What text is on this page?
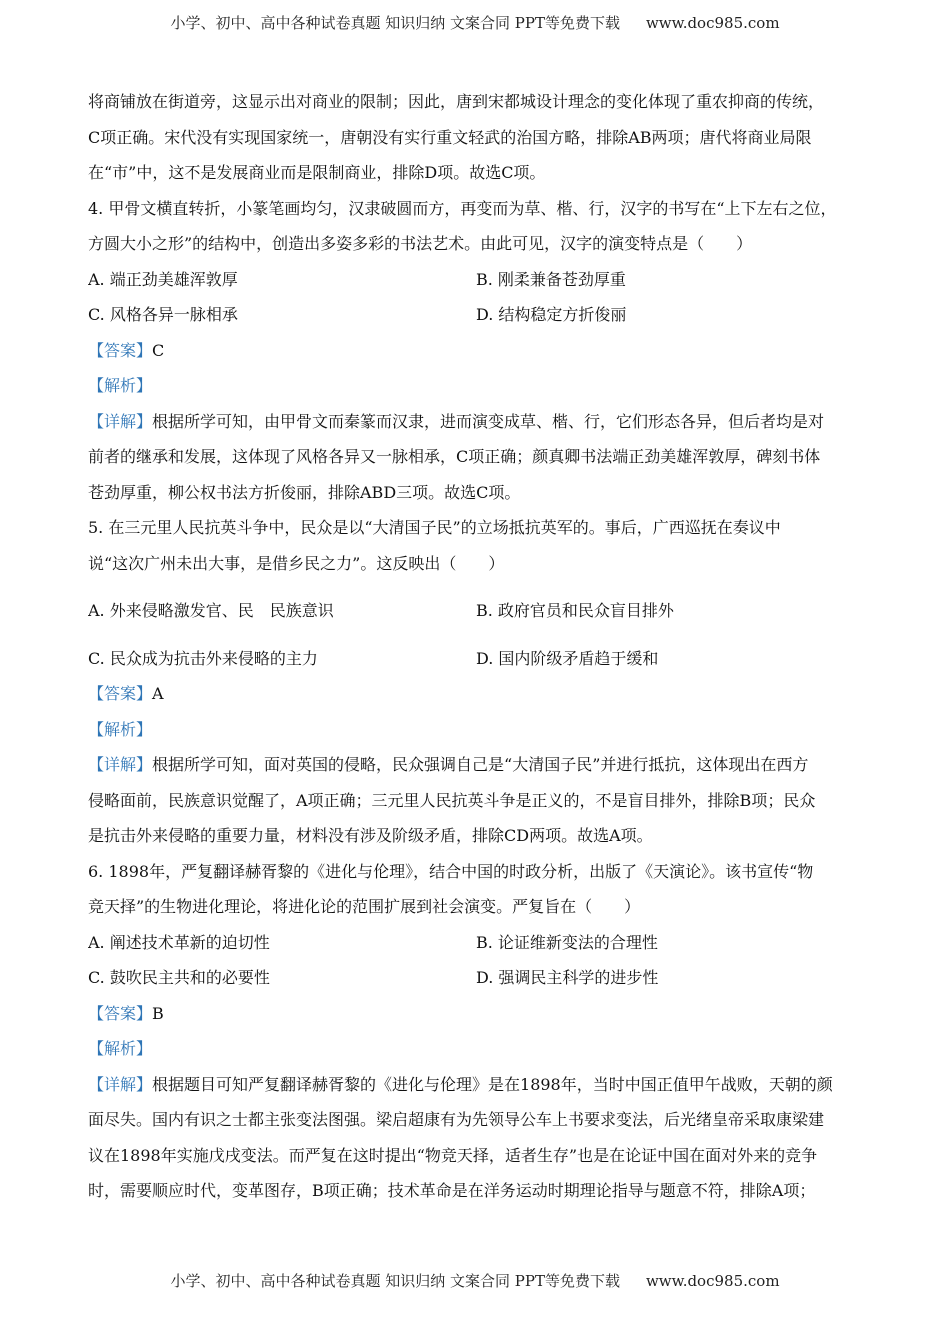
小学、初中、高中各种试卷真题 知识归纳 文案合同 PPT等免费下载 www.doc985.com
将商铺放在街道旁，这显示出对商业的限制；因此，唐到宋都城设计理念的变化体现了重农抑商的传统，
C项正确。宋代没有实现国家统一，唐朝没有实行重文轻武的治国方略，排除AB两项；唐代将商业局限
在“市”中，这不是发展商业而是限制商业，排除D项。故选C项。
4. 甲骨文横直转折，小篆笔画均匀，汉隶破圆而方，再变而为草、楷、行，汉字的书写在“上下左右之位，
方圆大小之形”的结构中，创造出多姿多彩的书法艺术。由此可见，汉字的演变特点是（　　）
A. 端正劲美雄浑敦厚	B. 刚柔兼备苍劲厚重
C. 风格各异一脉相承	D. 结构稳定方折俊丽
【答案】C
【解析】
【详解】根据所学可知，由甲骨文而秦篆而汉隶，进而演变成草、楷、行，它们形态各异，但后者均是对
前者的继承和发展，这体现了风格各异又一脉相承，C项正确；颜真卿书法端正劲美雄浑敦厚，碑刻书体
苍劲厚重，柳公权书法方折俊丽，排除ABD三项。故选C项。
5. 在三元里人民抗英斗争中，民众是以“大清国子民”的立场抵抗英军的。事后，广西巡抚在奏议中
说“这次广州未出大事，是借乡民之力”。这反映出（　　）
A. 外来侵略激发官、民　民族意识	B. 政府官员和民众盲目排外
C. 民众成为抗击外来侵略的主力	D. 国内阶级矛盾趋于缓和
【答案】A
【解析】
【详解】根据所学可知，面对英国的侵略，民众强调自己是“大清国子民”并进行抵抗，这体现出在西方
侵略面前，民族意识觉醒了，A项正确；三元里人民抗英斗争是正义的，不是盲目排外，排除B项；民众
是抗击外来侵略的重要力量，材料没有涉及阶级矛盾，排除CD两项。故选A项。
6. 1898年，严复翻译赫胥黎的《进化与伦理》，结合中国的时政分析，出版了《天演论》。该书宣传“物
竞天择”的生物进化理论，将进化论的范围扩展到社会演变。严复旨在（　　）
A. 阐述技术革新的迫切性	B. 论证维新变法的合理性
C. 鼓吹民主共和的必要性	D. 强调民主科学的进步性
【答案】B
【解析】
【详解】根据题目可知严复翻译赫胥黎的《进化与伦理》是在1898年，当时中国正值甲午战败，天朝的颜
面尽失。国内有识之士都主张变法图强。梁启超康有为先领导公车上书要求变法，后光绪皇帝采取康梁建
议在1898年实施戊戌变法。而严复在这时提出“物竞天择，适者生存”也是在论证中国在面对外来的竞争
时，需要顺应时代，变革图存，B项正确；技术革命是在洋务运动时期理论指导与题意不符，排除A项；
小学、初中、高中各种试卷真题 知识归纳 文案合同 PPT等免费下载 www.doc985.com
